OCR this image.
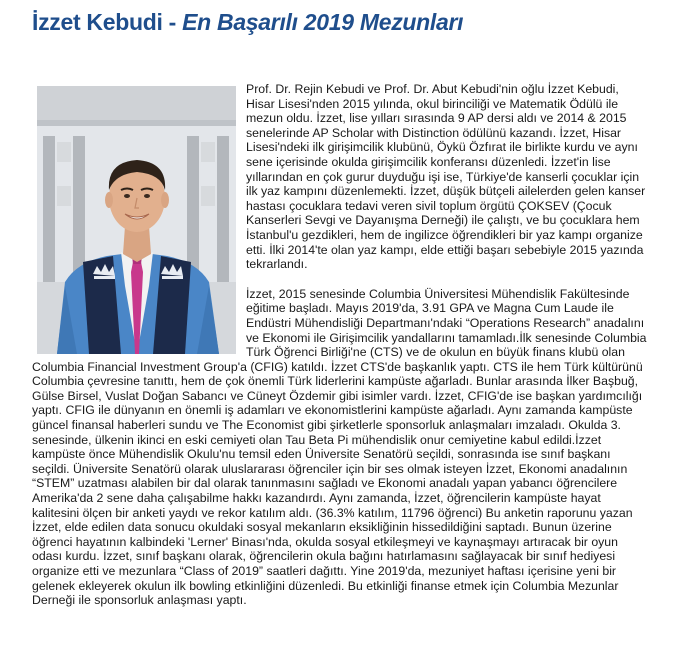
İzzet Kebudi - En Başarılı 2019 Mezunları

Prof. Dr. Rejin Kebudi ve Prof. Dr. Abut Kebudi'nin oğlu İzzet Kebudi, Hisar Lisesi'nden 2015 yılında, okul birinciliği ve Matematik Ödülü ile mezun oldu. İzzet, lise yılları sırasında 9 AP dersi aldı ve 2014 & 2015 senelerinde AP Scholar with Distinction ödülünü kazandı. İzzet, Hisar Lisesi'ndeki ilk girişimcilik klubünü, Öykü Özfırat ile birlikte kurdu ve aynı sene içerisinde okulda girişimcilik konferansı düzenledi. İzzet'in lise yıllarından en çok gurur duyduğu işi ise, Türkiye'de kanserli çocuklar için ilk yaz kampını düzenlemekti. İzzet, düşük bütçeli ailelerden gelen kanser hastası çocuklara tedavi veren sivil toplum örgütü ÇOKSEV (Çocuk Kanserleri Sevgi ve Dayanışma Derneği) ile çalıştı, ve bu çocuklara hem İstanbul'u gezdikleri, hem de ingilizce öğrendikleri bir yaz kampı organize etti. İlki 2014'te olan yaz kampı, elde ettiği başarı sebebiyle 2015 yazında tekrarlandı.

İzzet, 2015 senesinde Columbia Üniversitesi Mühendislik Fakültesinde eğitime başladı. Mayıs 2019'da, 3.91 GPA ve Magna Cum Laude ile Endüstri Mühendisliği Departmanı'ndaki “Operations Research” anadalını ve Ekonomi ile Girişimcilik yandallarını tamamladı.İlk senesinde Columbia Türk Öğrenci Birliği'ne (CTS) ve de okulun en büyük finans klubü olan Columbia Financial Investment Group'a (CFIG) katıldı. İzzet CTS'de başkanlık yaptı. CTS ile hem Türk kültürünü Columbia çevresine tanıttı, hem de çok önemli Türk liderlerini kampüste ağarladı. Bunlar arasında İlker Başbuğ, Gülse Birsel, Vuslat Doğan Sabancı ve Cüneyt Özdemir gibi isimler vardı. İzzet, CFIG'de ise başkan yardımcılığı yaptı. CFIG ile dünyanın en önemli iş adamları ve ekonomistlerini kampüste ağarladı. Aynı zamanda kampüste güncel finansal haberleri sundu ve The Economist gibi şirketlerle sponsorluk anlaşmaları imzaladı. Okulda 3. senesinde, ülkenin ikinci en eski cemiyeti olan Tau Beta Pi mühendislik onur cemiyetine kabul edildi.İzzet kampüste önce Mühendislik Okulu'nu temsil eden Üniversite Senatörü seçildi, sonrasında ise sınıf başkanı seçildi. Üniversite Senatörü olarak uluslararası öğrenciler için bir ses olmak isteyen İzzet, Ekonomi anadalının “STEM” uzatması alabilen bir dal olarak tanınmasını sağladı ve Ekonomi anadalı yapan yabancı öğrencilere Amerika'da 2 sene daha çalışabilme hakkı kazandırdı. Aynı zamanda, İzzet, öğrencilerin kampüste hayat kalitesini ölçen bir anketi yaydı ve rekor katılım aldı. (36.3% katılım, 11796 öğrenci) Bu anketin raporunu yazan İzzet, elde edilen data sonucu okuldaki sosyal mekanların eksikliğinin hissedildiğini saptadı. Bunun üzerine öğrenci hayatının kalbindeki 'Lerner' Binası'nda, okulda sosyal etkileşmeyi ve kaynaşmayı artıracak bir oyun odası kurdu. İzzet, sınıf başkanı olarak, öğrencilerin okula bağını hatırlamasını sağlayacak bir sınıf hediyesi organize etti ve mezunlara “Class of 2019” saatleri dağıttı. Yine 2019'da, mezuniyet haftası içerisine yeni bir gelenek ekleyerek okulun ilk bowling etkinliğini düzenledi. Bu etkinliği finanse etmek için Columbia Mezunlar Derneği ile sponsorluk anlaşması yaptı.
